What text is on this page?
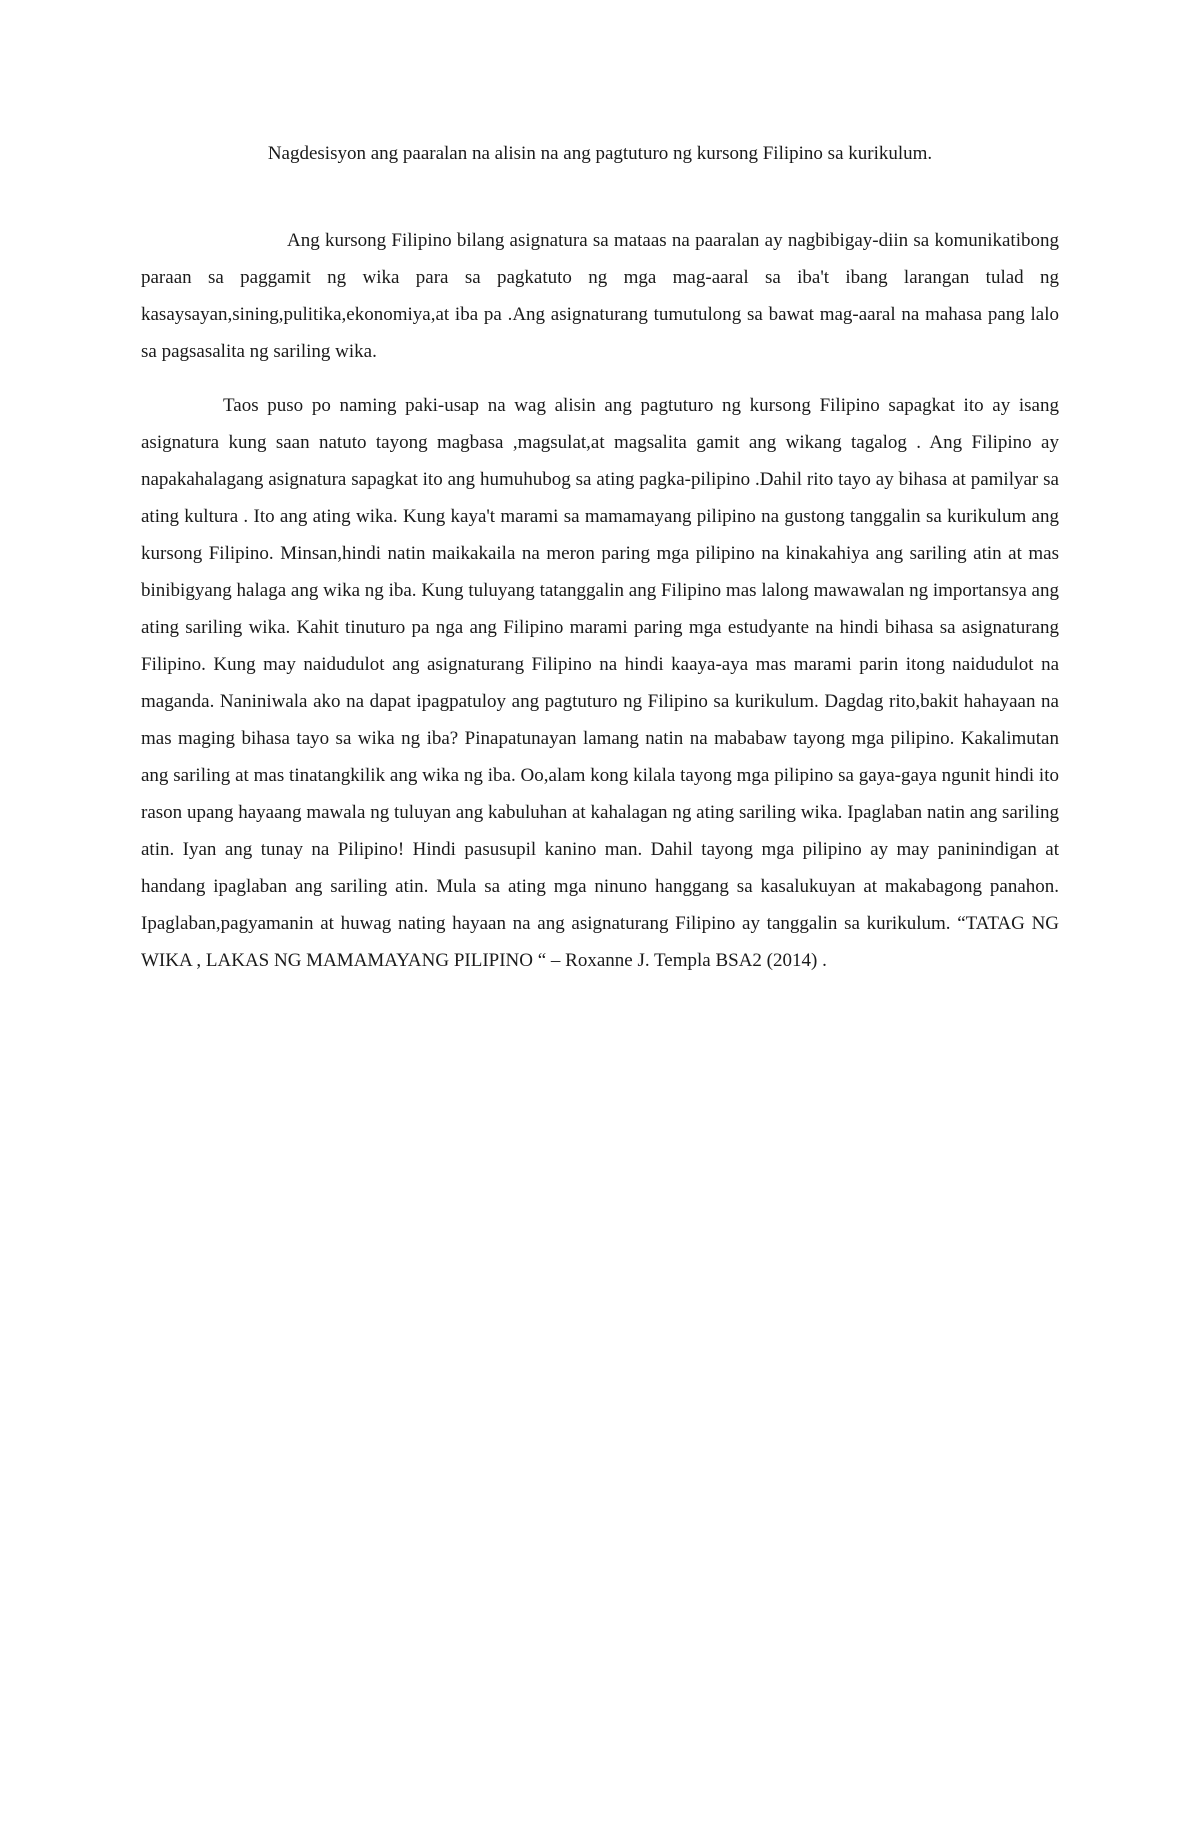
Nagdesisyon ang paaralan na alisin na ang pagtuturo ng kursong Filipino sa kurikulum.

Ang kursong Filipino bilang asignatura sa mataas na paaralan ay nagbibigay-diin sa komunikatibong paraan sa paggamit ng wika para sa pagkatuto ng mga mag-aaral sa iba't ibang larangan tulad ng kasaysayan,sining,pulitika,ekonomiya,at iba pa .Ang asignaturang tumutulong sa bawat mag-aaral na mahasa pang lalo sa pagsasalita ng sariling wika.

Taos puso po naming paki-usap na wag alisin ang pagtuturo ng kursong Filipino sapagkat ito ay isang asignatura kung saan natuto tayong magbasa ,magsulat,at magsalita gamit ang wikang tagalog . Ang Filipino ay napakahalagang asignatura sapagkat ito ang humuhubog sa ating pagka-pilipino .Dahil rito tayo ay bihasa at pamilyar sa ating kultura . Ito ang ating wika. Kung kaya't marami sa mamamayang pilipino na gustong tanggalin sa kurikulum ang kursong Filipino. Minsan,hindi natin maikakaila na meron paring mga pilipino na kinakahiya ang sariling atin at mas binibigyang halaga ang wika ng iba. Kung tuluyang tatanggalin ang Filipino mas lalong mawawalan ng importansya ang ating sariling wika. Kahit tinuturo pa nga ang Filipino marami paring mga estudyante na hindi bihasa sa asignaturang Filipino. Kung may naidudulot ang asignaturang Filipino na hindi kaaya-aya mas marami parin itong naidudulot na maganda. Naniniwala ako na dapat ipagpatuloy ang pagtuturo ng Filipino sa kurikulum. Dagdag rito,bakit hahayaan na mas maging bihasa tayo sa wika ng iba? Pinapatunayan lamang natin na mababaw tayong mga pilipino. Kakalimutan ang sariling at mas tinatangkilik ang wika ng iba. Oo,alam kong kilala tayong mga pilipino sa gaya-gaya ngunit hindi ito rason upang hayaang mawala ng tuluyan ang kabuluhan at kahalagan ng ating sariling wika. Ipaglaban natin ang sariling atin. Iyan ang tunay na Pilipino! Hindi pasusupil kanino man. Dahil tayong mga pilipino ay may paninindigan at handang ipaglaban ang sariling atin. Mula sa ating mga ninuno hanggang sa kasalukuyan at makabagong panahon. Ipaglaban,pagyamanin at huwag nating hayaan na ang asignaturang Filipino ay tanggalin sa kurikulum. “TATAG NG WIKA , LAKAS NG MAMAMAYANG PILIPINO “ – Roxanne J. Templa BSA2 (2014) .
